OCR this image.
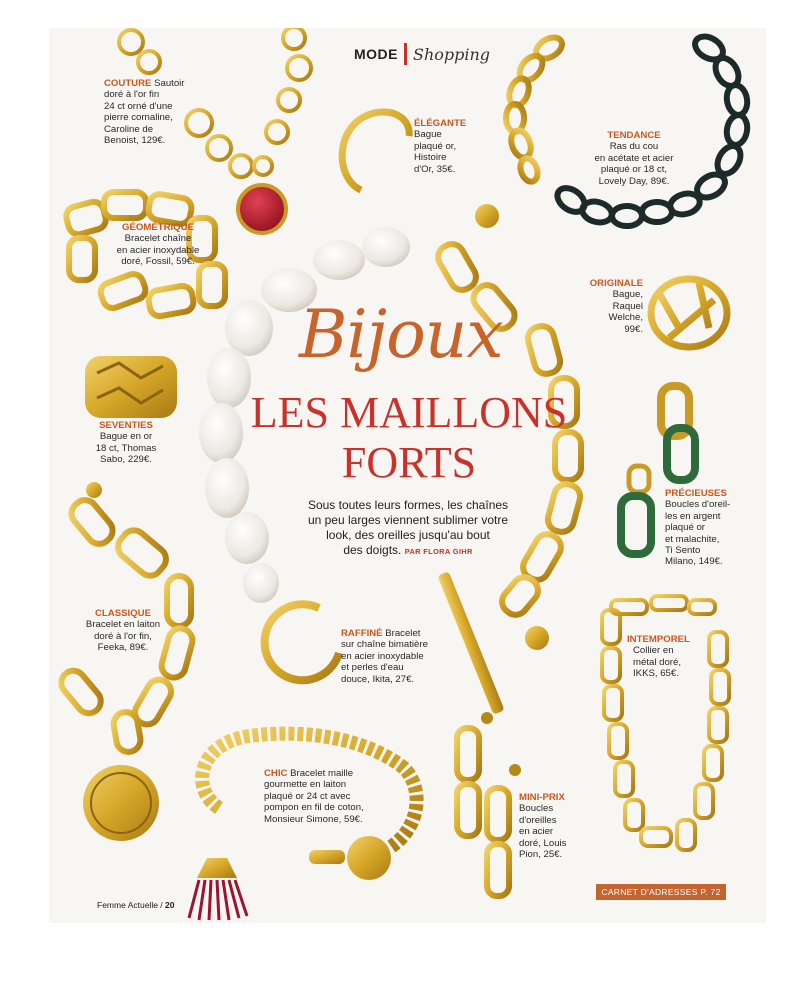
MODE Shopping
COUTURE Sautoir
doré à l'or fin
24 ct orné d'une
pierre cornaline,
Caroline de
Benoist, 129€.
ÉLÉGANTE
Bague
plaqué or,
Histoire
d'Or, 35€.
TENDANCE
Ras du cou
en acétate et acier
plaqué or 18 ct,
Lovely Day, 89€.
GÉOMÉTRIQUE
Bracelet chaîne
en acier inoxydable
doré, Fossil, 59€.
ORIGINALE
Bague,
Raquel
Welche,
99€.
SEVENTIES
Bague en or
18 ct, Thomas
Sabo, 229€.
PRÉCIEUSES
Boucles d'oreil-
les en argent
plaqué or
et malachite,
Ti Sento
Milano, 149€.
CLASSIQUE
Bracelet en laiton
doré à l'or fin,
Feeka, 89€.
RAFFINÉ Bracelet
sur chaîne bimatière
en acier inoxydable
et perles d'eau
douce, Ikita, 27€.
INTEMPOREL
Collier en
métal doré,
IKKS, 65€.
CHIC Bracelet maille
gourmette en laiton
plaqué or 24 ct avec
pompon en fil de coton,
Monsieur Simone, 59€.
MINI-PRIX
Boucles
d'oreilles
en acier
doré, Louis
Pion, 25€.
Bijoux
LES MAILLONS
FORTS
Sous toutes leurs formes, les chaînes
un peu larges viennent sublimer votre
look, des oreilles jusqu'au bout
des doigts. PAR FLORA GIHR
Femme Actuelle / 20
CARNET D'ADRESSES P. 72
